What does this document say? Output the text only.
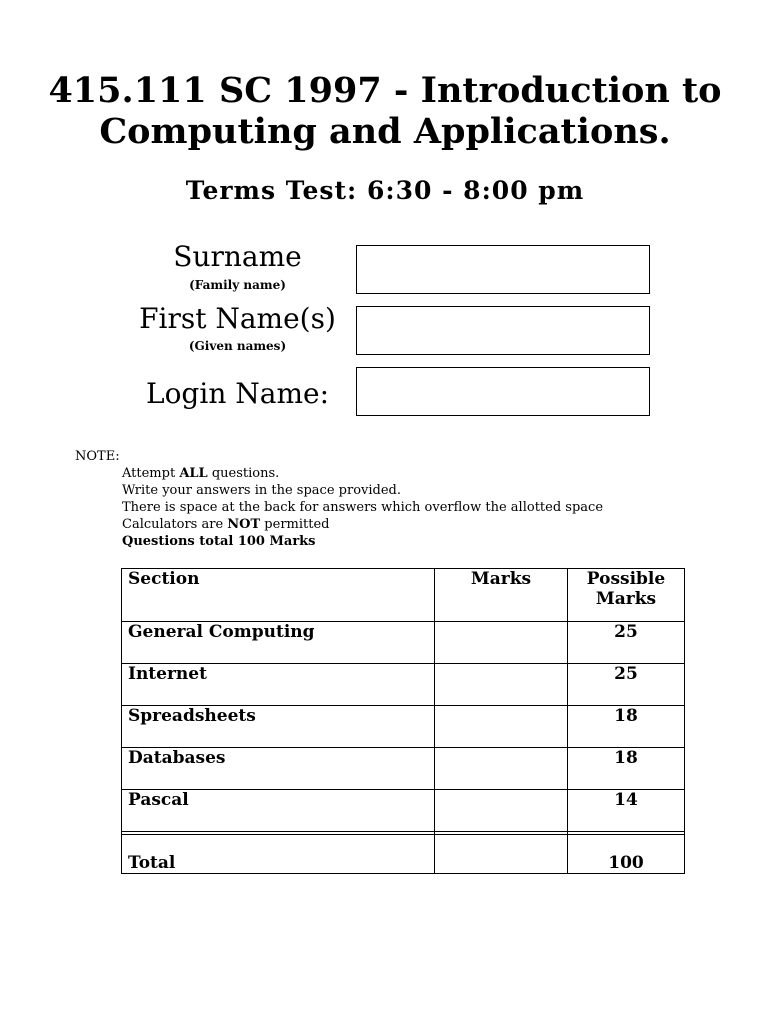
415.111 SC 1997 - Introduction to
Computing and Applications.
Terms Test: 6:30 - 8:00 pm
Surname
(Family name)
First Name(s)
(Given names)
Login Name:
NOTE:
Attempt ALL questions.
Write your answers in the space provided.
There is space at the back for answers which overflow the allotted space
Calculators are NOT permitted
Questions total 100 Marks
Section	Marks	Possible Marks
General Computing		25
Internet		25
Spreadsheets		18
Databases		18
Pascal		14

Total		100
